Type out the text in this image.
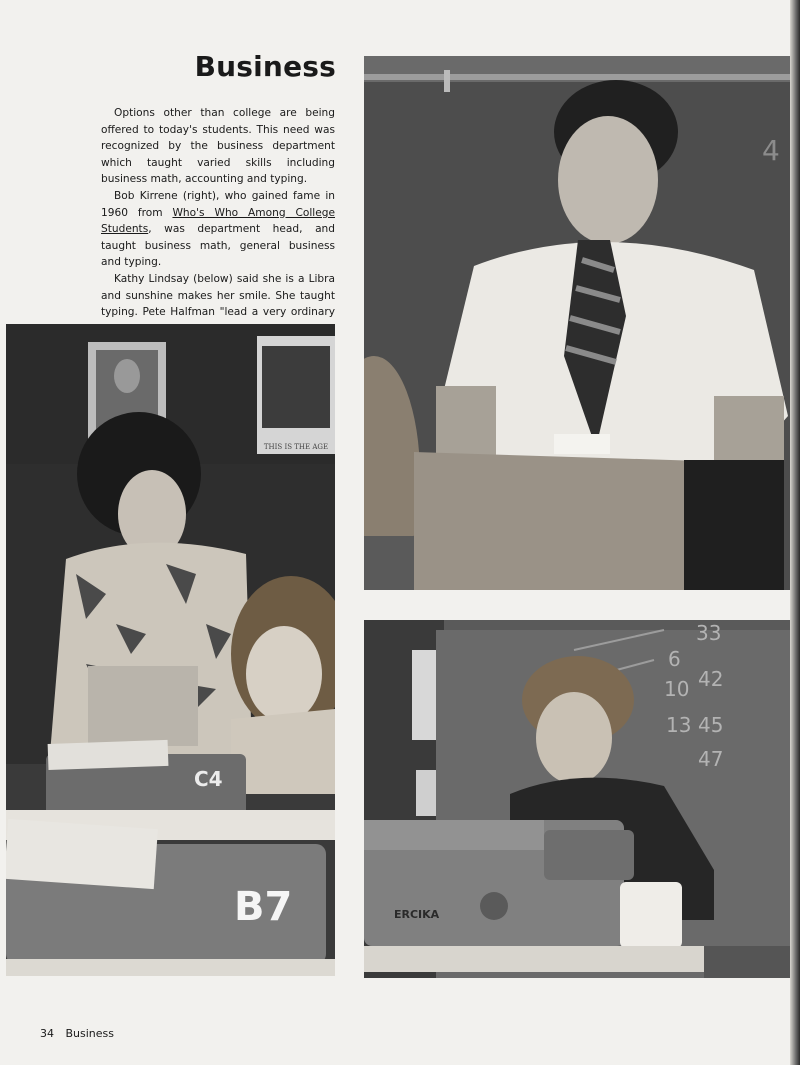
Business

Options other than college are being offered to today's students. This need was recognized by the business department which taught varied skills including business math, accounting and typing.

Bob Kirrene (right), who gained fame in 1960 from Who's Who Among College Students, was department head, and taught business math, general business and typing.

Kathy Lindsay (below) said she is a Libra and sunshine makes her smile. She taught typing. Pete Halfman "lead a very ordinary

THIS IS THE AGE
C4
B7
4
6
33
10 42
13 45
47
ERCIKA
34 Business
